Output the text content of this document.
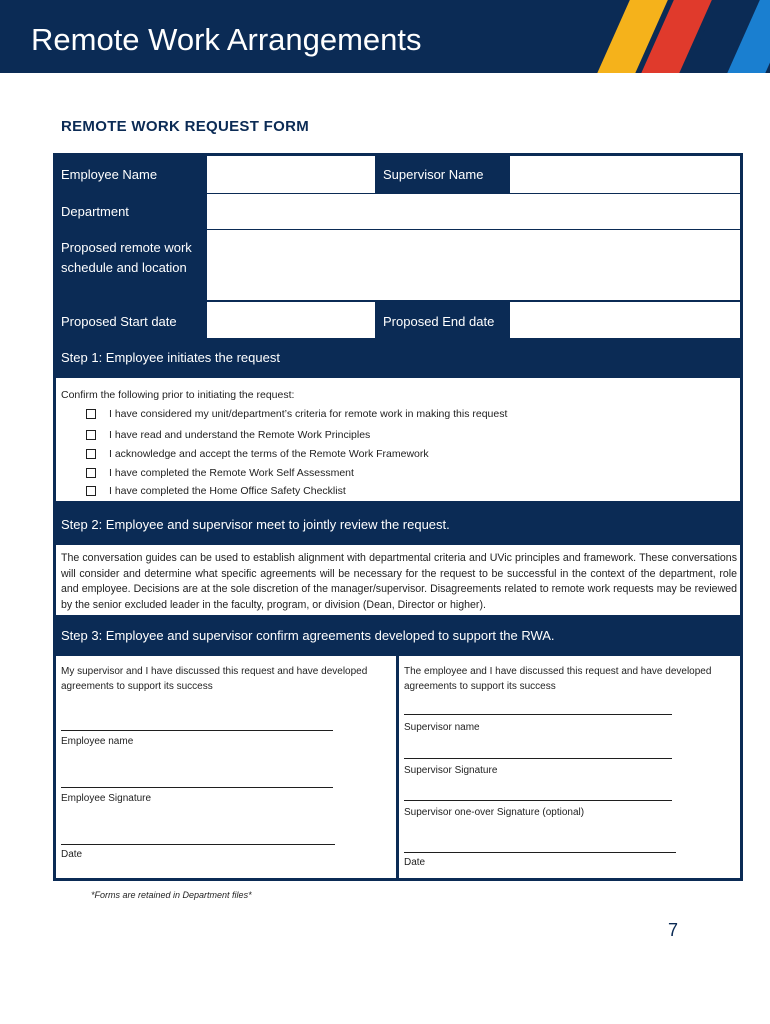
Remote Work Arrangements
REMOTE WORK REQUEST FORM
Employee Name	Supervisor Name
Department
Proposed remote work schedule and location
Proposed Start date	Proposed End date
Step 1: Employee initiates the request
Confirm the following prior to initiating the request:
I have considered my unit/department’s criteria for remote work in making this request
I have read and understand the Remote Work Principles
I acknowledge and accept the terms of the Remote Work Framework
I have completed the Remote Work Self Assessment
I have completed the Home Office Safety Checklist
Step 2: Employee and supervisor meet to jointly review the request.
The conversation guides can be used to establish alignment with departmental criteria and UVic principles and framework. These conversations will consider and determine what specific agreements will be necessary for the request to be successful in the context of the department, role and employee. Decisions are at the sole discretion of the manager/supervisor. Disagreements related to remote work requests may be reviewed by the senior excluded leader in the faculty, program, or division (Dean, Director or higher).
Step 3: Employee and supervisor confirm agreements developed to support the RWA.
My supervisor and I have discussed this request and have developed agreements to support its success
Employee name
Employee Signature
Date
The employee and I have discussed this request and have developed agreements to support its success
Supervisor name
Supervisor Signature
Supervisor one-over Signature (optional)
Date
*Forms are retained in Department files*
7
